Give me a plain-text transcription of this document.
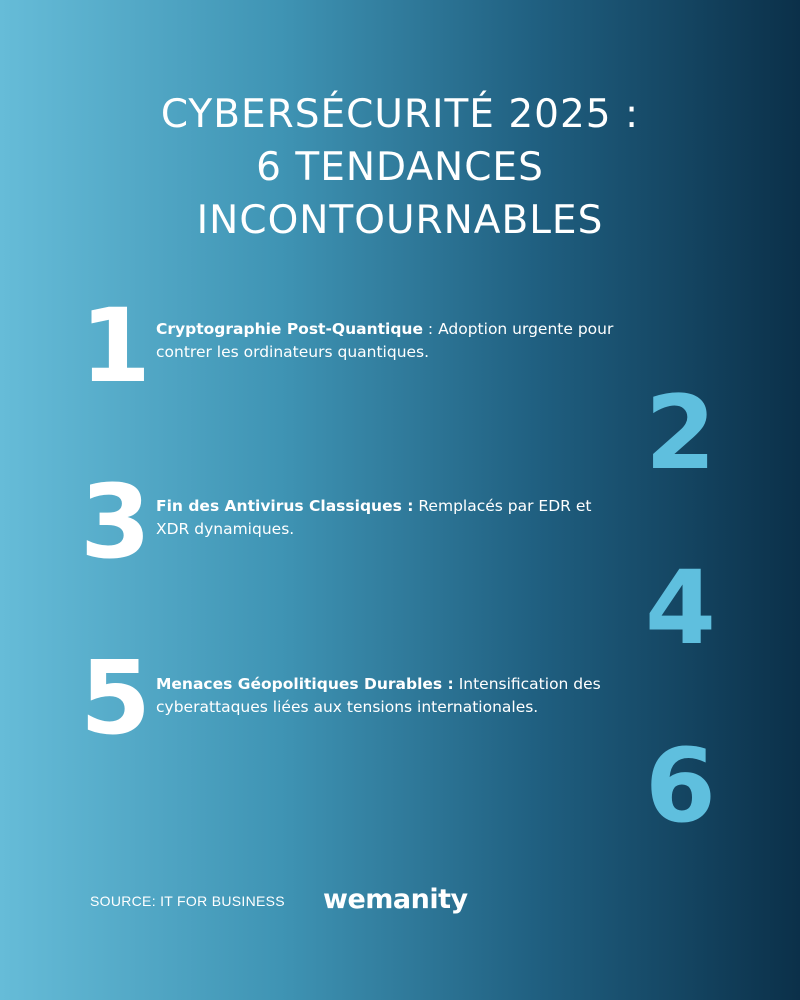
CYBERSÉCURITÉ 2025 :
6 TENDANCES
INCONTOURNABLES
1 Cryptographie Post-Quantique : Adoption urgente pour contrer les ordinateurs quantiques.
2
3 Fin des Antivirus Classiques : Remplacés par EDR et XDR dynamiques.
4
5 Menaces Géopolitiques Durables : Intensification des cyberattaques liées aux tensions internationales.
6
SOURCE: IT FOR BUSINESS wemanity
